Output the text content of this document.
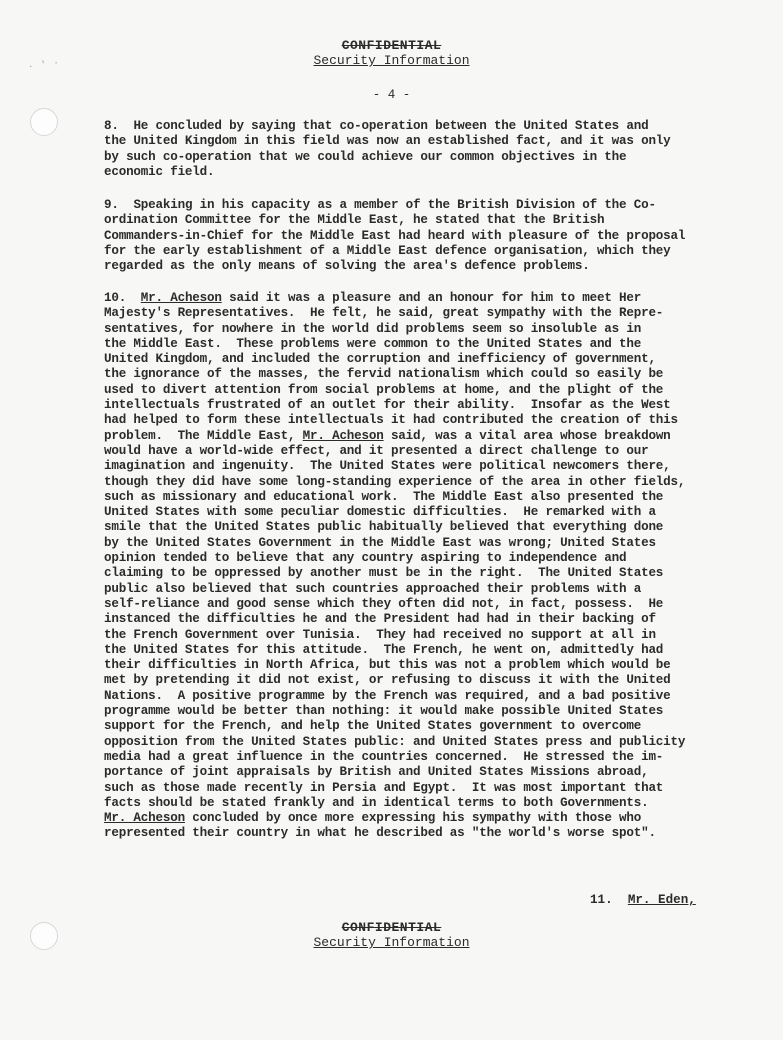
· ' ·
CONFIDENTIAL
Security Information
- 4 -

8. He concluded by saying that co-operation between the United States and
the United Kingdom in this field was now an established fact, and it was only
by such co-operation that we could achieve our common objectives in the
economic field.

9. Speaking in his capacity as a member of the British Division of the Co-
ordination Committee for the Middle East, he stated that the British
Commanders-in-Chief for the Middle East had heard with pleasure of the proposal
for the early establishment of a Middle East defence organisation, which they
regarded as the only means of solving the area's defence problems.

10. Mr. Acheson said it was a pleasure and an honour for him to meet Her
Majesty's Representatives.  He felt, he said, great sympathy with the Repre-
sentatives, for nowhere in the world did problems seem so insoluble as in
the Middle East.  These problems were common to the United States and the
United Kingdom, and included the corruption and inefficiency of government,
the ignorance of the masses, the fervid nationalism which could so easily be
used to divert attention from social problems at home, and the plight of the
intellectuals frustrated of an outlet for their ability.  Insofar as the West
had helped to form these intellectuals it had contributed the creation of this
problem.  The Middle East, Mr. Acheson said, was a vital area whose breakdown
would have a world-wide effect, and it presented a direct challenge to our
imagination and ingenuity.  The United States were political newcomers there,
though they did have some long-standing experience of the area in other fields,
such as missionary and educational work.  The Middle East also presented the
United States with some peculiar domestic difficulties.  He remarked with a
smile that the United States public habitually believed that everything done
by the United States Government in the Middle East was wrong; United States
opinion tended to believe that any country aspiring to independence and
claiming to be oppressed by another must be in the right.  The United States
public also believed that such countries approached their problems with a
self-reliance and good sense which they often did not, in fact, possess.  He
instanced the difficulties he and the President had had in their backing of
the French Government over Tunisia.  They had received no support at all in
the United States for this attitude.  The French, he went on, admittedly had
their difficulties in North Africa, but this was not a problem which would be
met by pretending it did not exist, or refusing to discuss it with the United
Nations.  A positive programme by the French was required, and a bad positive
programme would be better than nothing: it would make possible United States
support for the French, and help the United States government to overcome
opposition from the United States public: and United States press and publicity
media had a great influence in the countries concerned.  He stressed the im-
portance of joint appraisals by British and United States Missions abroad,
such as those made recently in Persia and Egypt.  It was most important that
facts should be stated frankly and in identical terms to both Governments.
Mr. Acheson concluded by once more expressing his sympathy with those who
represented their country in what he described as "the world's worse spot".

11. Mr. Eden,
CONFIDENTIAL
Security Information
